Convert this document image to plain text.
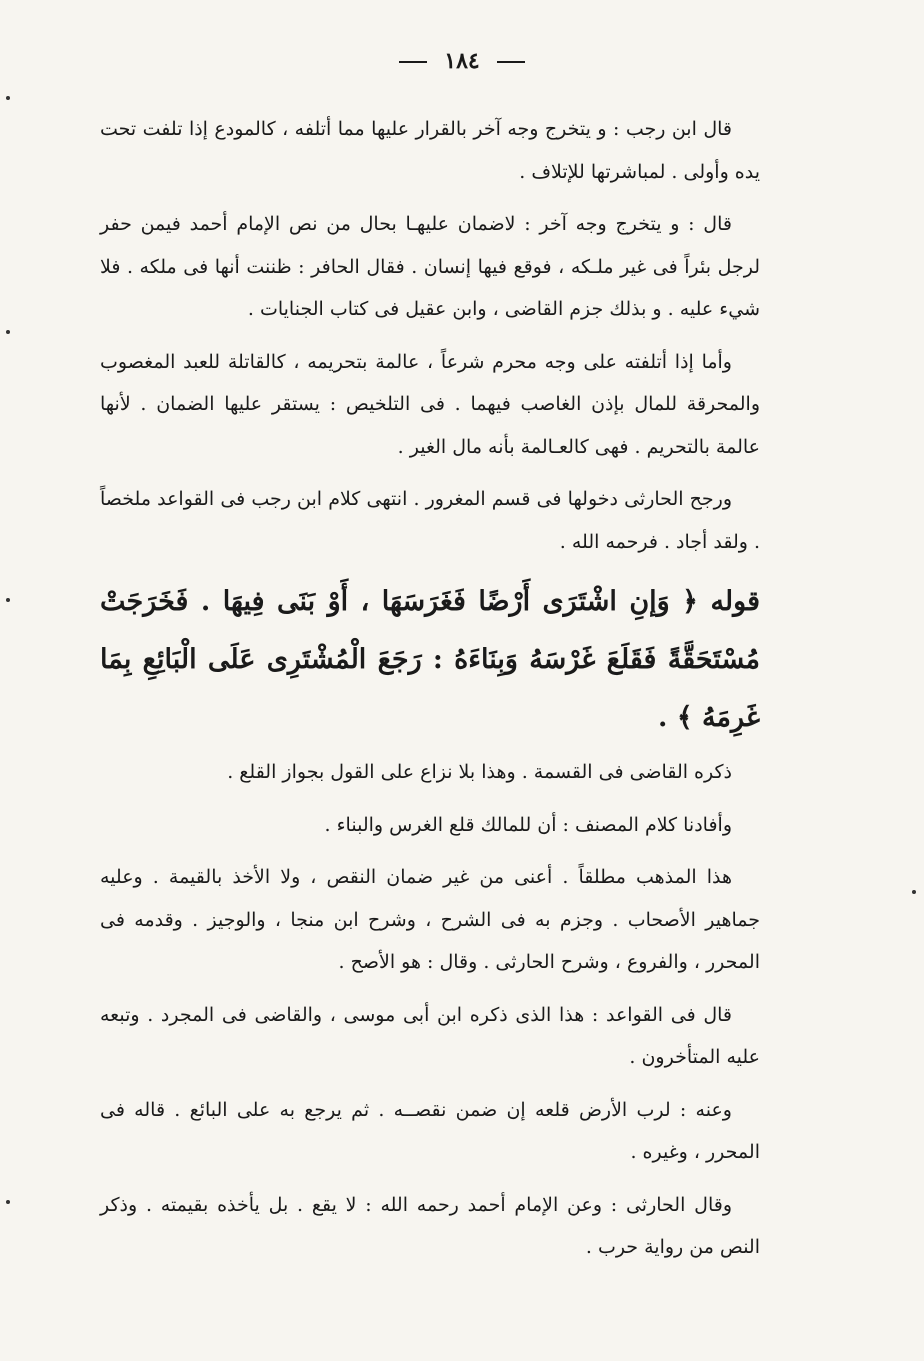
١٨٤

قال ابن رجب : و يتخرج وجه آخر بالقرار عليها مما أتلفه ، كالمودع إذا تلفت تحت يده وأولى . لمباشرتها للإتلاف .

قال : و يتخرج وجه آخر : لاضمان عليهـا بحال من نص الإمام أحمد فيمن حفر لرجل بئراً فى غير ملـكه ، فوقع فيها إنسان . فقال الحافر : ظننت أنها فى ملكه . فلا شيء عليه . و بذلك جزم القاضى ، وابن عقيل فى كتاب الجنايات .

وأما إذا أتلفته على وجه محرم شرعاً ، عالمة بتحريمه ، كالقاتلة للعبد المغصوب والمحرقة للمال بإذن الغاصب فيهما . فى التلخيص : يستقر عليها الضمان . لأنها عالمة بالتحريم . فهى كالعـالمة بأنه مال الغير .

ورجح الحارثى دخولها فى قسم المغرور . انتهى كلام ابن رجب فى القواعد ملخصاً . ولقد أجاد . فرحمه الله .

قوله ﴿ وَإنِ اشْتَرَى أَرْضًا فَغَرَسَهَا ، أَوْ بَنَى فِيهَا . فَخَرَجَتْ مُسْتَحَقَّةً فَقَلَعَ غَرْسَهُ وَبِنَاءَهُ : رَجَعَ الْمُشْتَرِى عَلَى الْبَائِعِ بِمَا غَرِمَهُ ﴾ .

ذكره القاضى فى القسمة . وهذا بلا نزاع على القول بجواز القلع .

وأفادنا كلام المصنف : أن للمالك قلع الغرس والبناء .

هذا المذهب مطلقاً . أعنى من غير ضمان النقص ، ولا الأخذ بالقيمة . وعليه جماهير الأصحاب . وجزم به فى الشرح ، وشرح ابن منجا ، والوجيز . وقدمه فى المحرر ، والفروع ، وشرح الحارثى . وقال : هو الأصح .

قال فى القواعد : هذا الذى ذكره ابن أبى موسى ، والقاضى فى المجرد . وتبعه عليه المتأخرون .

وعنه : لرب الأرض قلعه إن ضمن نقصــه . ثم يرجع به على البائع . قاله فى المحرر ، وغيره .

وقال الحارثى : وعن الإمام أحمد رحمه الله : لا يقع . بل يأخذه بقيمته . وذكر النص من رواية حرب .
